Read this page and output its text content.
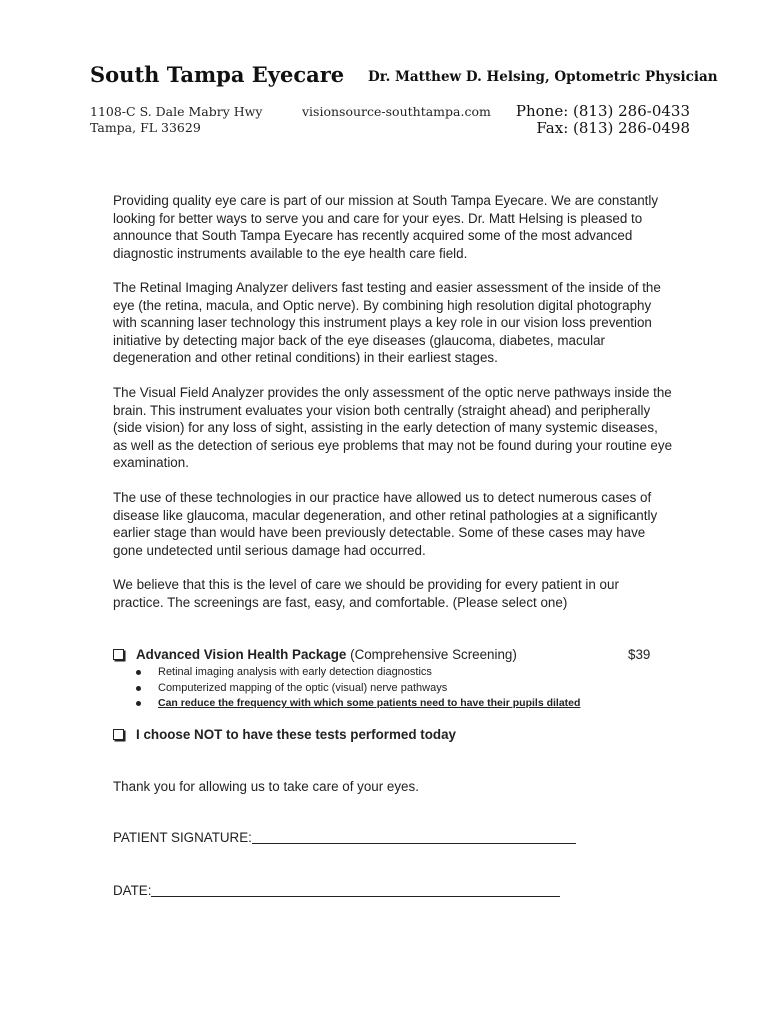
South Tampa Eyecare Dr. Matthew D. Helsing, Optometric Physician
1108-C S. Dale Mabry Hwy
Tampa, FL 33629
visionsource-southtampa.com Phone: (813) 286-0433
Fax: (813) 286-0498
Providing quality eye care is part of our mission at South Tampa Eyecare. We are constantly looking for better ways to serve you and care for your eyes. Dr. Matt Helsing is pleased to announce that South Tampa Eyecare has recently acquired some of the most advanced diagnostic instruments available to the eye health care field.
The Retinal Imaging Analyzer delivers fast testing and easier assessment of the inside of the eye (the retina, macula, and Optic nerve). By combining high resolution digital photography with scanning laser technology this instrument plays a key role in our vision loss prevention initiative by detecting major back of the eye diseases (glaucoma, diabetes, macular degeneration and other retinal conditions) in their earliest stages.
The Visual Field Analyzer provides the only assessment of the optic nerve pathways inside the brain. This instrument evaluates your vision both centrally (straight ahead) and peripherally (side vision) for any loss of sight, assisting in the early detection of many systemic diseases, as well as the detection of serious eye problems that may not be found during your routine eye examination.
The use of these technologies in our practice have allowed us to detect numerous cases of disease like glaucoma, macular degeneration, and other retinal pathologies at a significantly earlier stage than would have been previously detectable. Some of these cases may have gone undetected until serious damage had occurred.
We believe that this is the level of care we should be providing for every patient in our practice. The screenings are fast, easy, and comfortable. (Please select one)
Advanced Vision Health Package (Comprehensive Screening)	$39
Retinal imaging analysis with early detection diagnostics
Computerized mapping of the optic (visual) nerve pathways
Can reduce the frequency with which some patients need to have their pupils dilated
I choose NOT to have these tests performed today
Thank you for allowing us to take care of your eyes.
PATIENT SIGNATURE:
DATE:
